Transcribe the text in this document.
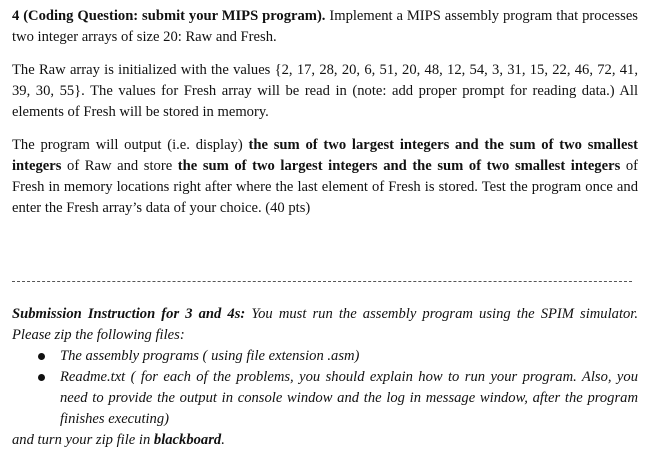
4 (Coding Question: submit your MIPS program). Implement a MIPS assembly program that processes two integer arrays of size 20: Raw and Fresh.

The Raw array is initialized with the values {2, 17, 28, 20, 6, 51, 20, 48, 12, 54, 3, 31, 15, 22, 46, 72, 41, 39, 30, 55}. The values for Fresh array will be read in (note: add proper prompt for reading data.) All elements of Fresh will be stored in memory.

The program will output (i.e. display) the sum of two largest integers and the sum of two smallest integers of Raw and store the sum of two largest integers and the sum of two smallest integers of Fresh in memory locations right after where the last element of Fresh is stored. Test the program once and enter the Fresh array’s data of your choice. (40 pts)

Submission Instruction for 3 and 4s: You must run the assembly program using the SPIM simulator. Please zip the following files:

The assembly programs ( using file extension .asm)
Readme.txt ( for each of the problems, you should explain how to run your program. Also, you need to provide the output in console window and the log in message window, after the program finishes executing)

and turn your zip file in blackboard.
